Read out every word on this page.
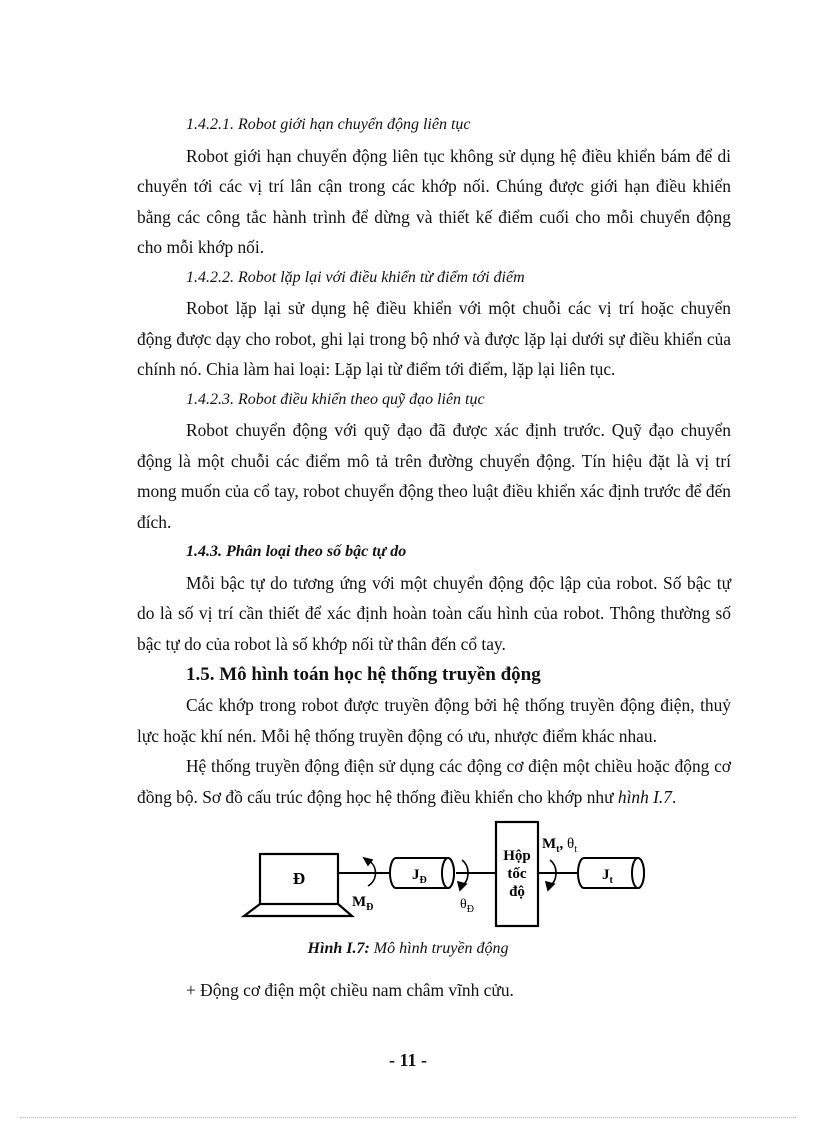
1.4.2.1. Robot giới hạn chuyển động liên tục

Robot giới hạn chuyển động liên tục không sử dụng hệ điều khiển bám để di chuyển tới các vị trí lân cận trong các khớp nối. Chúng được giới hạn điều khiển bằng các công tắc hành trình để dừng và thiết kế điểm cuối cho mỗi chuyển động cho mỗi khớp nối.

1.4.2.2. Robot lặp lại với điều khiển từ điểm tới điểm

Robot lặp lại sử dụng hệ điều khiển với một chuỗi các vị trí hoặc chuyển động được dạy cho robot, ghi lại trong bộ nhớ và được lặp lại dưới sự điều khiển của chính nó. Chia làm hai loại: Lặp lại từ điểm tới điểm, lặp lại liên tục.

1.4.2.3. Robot điều khiển theo quỹ đạo liên tục

Robot chuyển động với quỹ đạo đã được xác định trước. Quỹ đạo chuyển động là một chuỗi các điểm mô tả trên đường chuyển động. Tín hiệu đặt là vị trí mong muốn của cổ tay, robot chuyển động theo luật điều khiển xác định trước để đến đích.

1.4.3. Phân loại theo số bậc tự do

Mỗi bậc tự do tương ứng với một chuyển động độc lập của robot. Số bậc tự do là số vị trí cần thiết để xác định hoàn toàn cấu hình của robot. Thông thường số bậc tự do của robot là số khớp nối từ thân đến cổ tay.

1.5. Mô hình toán học hệ thống truyền động

Các khớp trong robot được truyền động bởi hệ thống truyền động điện, thuỷ lực hoặc khí nén. Mỗi hệ thống truyền động có ưu, nhược điểm khác nhau.

Hệ thống truyền động điện sử dụng các động cơ điện một chiều hoặc động cơ đồng bộ. Sơ đồ cấu trúc động học hệ thống điều khiển cho khớp như hình I.7.

Đ	$J_Đ$
$M_Đ$	$\theta_Đ$
Hộp
tốc
độ
$M_t$, $\theta_t$
$J_t$
Hình I.7: Mô hình truyền động
+ Động cơ điện một chiều nam châm vĩnh cửu.
- 11 -
